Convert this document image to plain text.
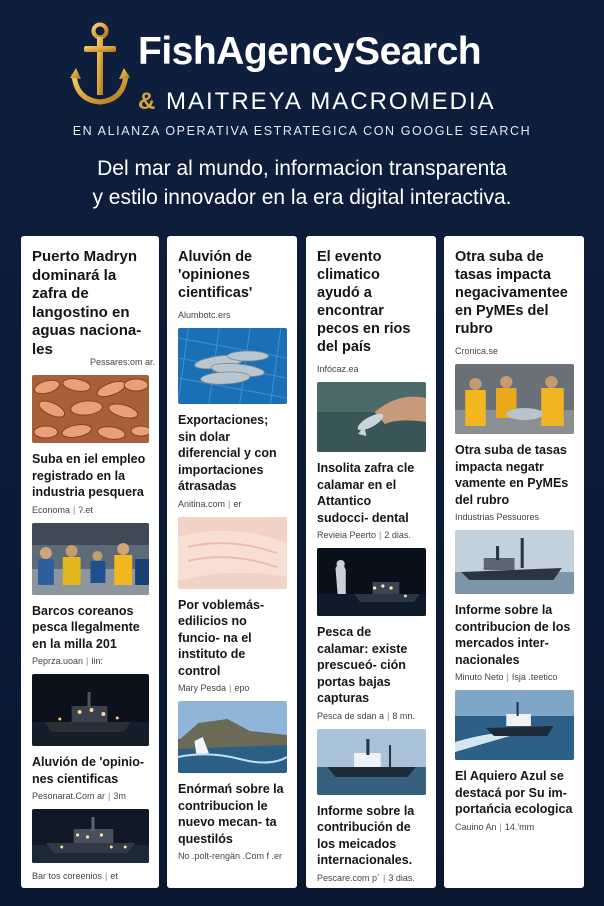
FishAgencySearch
& MAITREYA MACROMEDIA
EN ALIANZA OPERATIVA ESTRATEGICA CON GOOGLE SEARCH
Del mar al mundo, informacion transparenta
y estilo innovador en la era digital interactiva.

Puerto Madryn dominará la zafra de langostino en aguas naciona- les

Pessares:om ar.

Suba en iel empleo registrado en la industria pesquera

Economa | ʔ.et

Barcos coreanos pesca llegalmente en la milla 201

Peprza.uoan | lin:

Aluvión de 'opinio- nes cientificas

Pesonarat.Com ar | 3m
Bar tos coreenios | et

Aluvión de 'opiniones cientificas'

Alumbotc.ers

Exportaciones; sin dolar diferencial y con importaciones átrasadas

Anitina.com | er

Por voblemás- edilicios no funcio- na el instituto de control

Mary Pesda | epo

Enórmań sobre la contribucion le nuevo mecan- ta questilós

No .polt-rengän .Com f .er

El evento climatico ayudó a encontrar pecos en rios del país

Infócaz.ea

Insolita zafra cle calamar en el Attantico sudocci- dental

Revieia Peerto | 2 dias.

Pesca de calamar: existe prescueó- ción portas bajas capturas

Pesca de sdan a | 8 mn.

Informe sobre la contribución de los meicados internacionales.

Pescare.com p´ | 3 dias.

Otra suba de tasas impacta negacivamenteе en PyMEs del rubro

Cronica.se

Otra suba de tasas impacta negatr vamente en PyMEs del rubro

Industrias Pessuores

Informe sobre la contribucion de los mercados inter- nacionales

Minuto Neto | Isja .teetico

El Aquiero Azul se destacá por Su im- portańcia ecologica

Cauino An | 14.'mm
